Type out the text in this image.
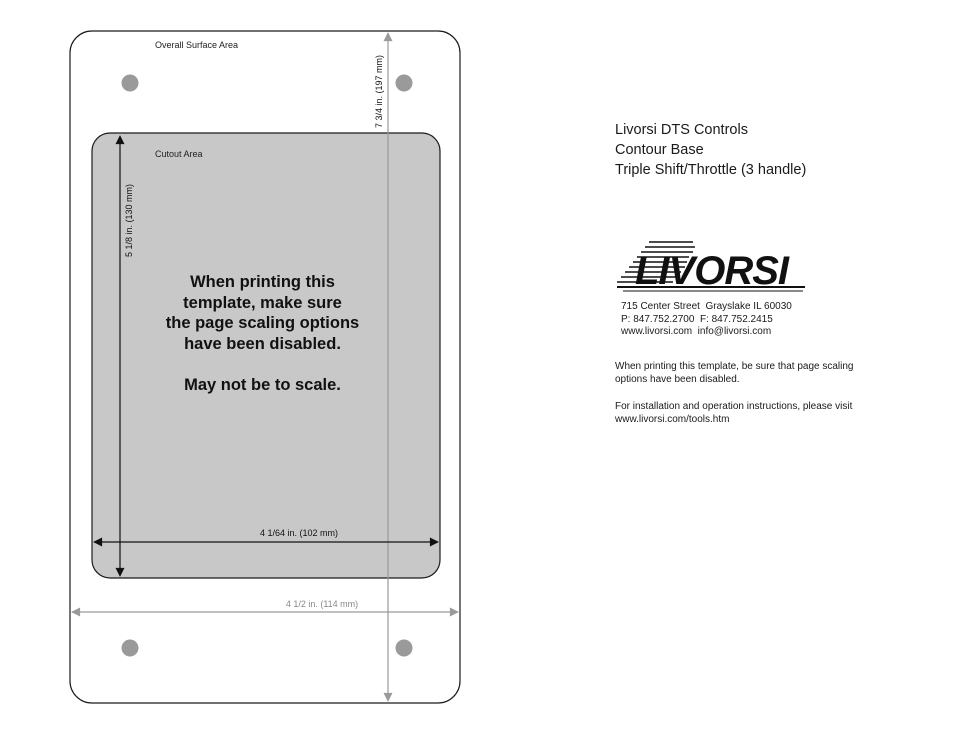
Overall Surface Area
Cutout Area
7 3/4 in. (197 mm)
5 1/8 in. (130 mm)
4 1/64 in. (102 mm)
4 1/2 in. (114 mm)
When printing this
template, make sure
the page scaling options
have been disabled.
May not be to scale.
Livorsi DTS Controls
Contour Base
Triple Shift/Throttle (3 handle)
LIVORSI
715 Center Street  Grayslake IL 60030
P: 847.752.2700  F: 847.752.2415
www.livorsi.com  info@livorsi.com
When printing this template, be sure that page scaling options have been disabled.
For installation and operation instructions, please visit www.livorsi.com/tools.htm
